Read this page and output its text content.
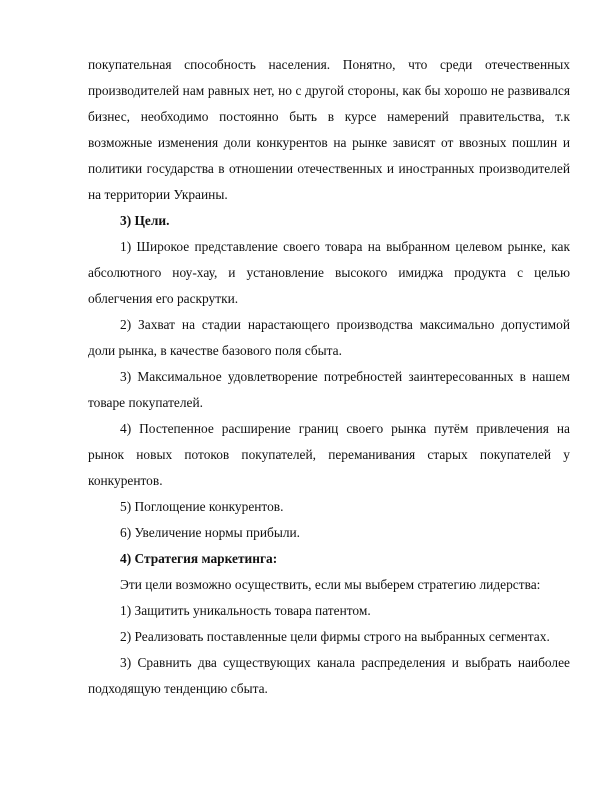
покупательная способность населения. Понятно, что среди отечественных производителей нам равных нет, но с другой стороны, как бы хорошо не развивался бизнес, необходимо постоянно быть в курсе намерений правительства, т.к возможные изменения доли конкурентов на рынке зависят от ввозных пошлин и политики государства в отношении отечественных и иностранных производителей на территории Украины.

3) Цели.

1) Широкое представление своего товара на выбранном целевом рынке, как абсолютного ноу-хау, и установление высокого имиджа продукта с целью облегчения его раскрутки.

2) Захват на стадии нарастающего производства максимально допустимой доли рынка, в качестве базового поля сбыта.

3) Максимальное удовлетворение потребностей заинтересованных в нашем товаре покупателей.

4) Постепенное расширение границ своего рынка путём привлечения на рынок новых потоков покупателей, переманивания старых покупателей у конкурентов.

5) Поглощение конкурентов.

6) Увеличение нормы прибыли.

4) Стратегия маркетинга:

Эти цели возможно осуществить, если мы выберем стратегию лидерства:

1) Защитить уникальность товара патентом.

2) Реализовать поставленные цели фирмы строго на выбранных сегментах.

3) Сравнить два существующих канала распределения и выбрать наиболее подходящую тенденцию сбыта.
